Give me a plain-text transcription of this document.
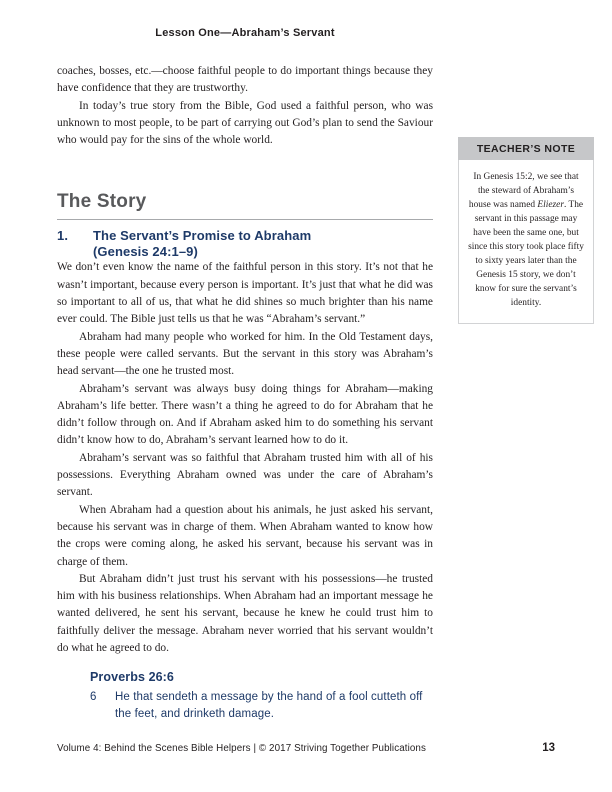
Lesson One—Abraham’s Servant

coaches, bosses, etc.—choose faithful people to do important things because they have confidence that they are trustworthy.

In today’s true story from the Bible, God used a faithful person, who was unknown to most people, to be part of carrying out God’s plan to send the Saviour who would pay for the sins of the whole world.

The Story
1.	The Servant’s Promise to Abraham
(Genesis 24:1–9)

We don’t even know the name of the faithful person in this story. It’s not that he wasn’t important, because every person is important. It’s just that what he did was so important to all of us, that what he did shines so much brighter than his name ever could. The Bible just tells us that he was “Abraham’s servant.”

Abraham had many people who worked for him. In the Old Testament days, these people were called servants. But the servant in this story was Abraham’s head servant—the one he trusted most.

Abraham’s servant was always busy doing things for Abraham—making Abraham’s life better. There wasn’t a thing he agreed to do for Abraham that he didn’t follow through on. And if Abraham asked him to do something his servant didn’t know how to do, Abraham’s servant learned how to do it.

Abraham’s servant was so faithful that Abraham trusted him with all of his possessions. Everything Abraham owned was under the care of Abraham’s servant.

When Abraham had a question about his animals, he just asked his servant, because his servant was in charge of them. When Abraham wanted to know how the crops were coming along, he asked his servant, because his servant was in charge of them.

But Abraham didn’t just trust his servant with his possessions—he trusted him with his business relationships. When Abraham had an important message he wanted delivered, he sent his servant, because he knew he could trust him to faithfully deliver the message. Abraham never worried that his servant wouldn’t do what he agreed to do.

Proverbs 26:6
6	He that sendeth a message by the hand of a fool cutteth off the feet, and drinketh damage.
TEACHER’S NOTE
In Genesis 15:2, we see that the steward of Abraham’s house was named Eliezer. The servant in this passage may have been the same one, but since this story took place fifty to sixty years later than the Genesis 15 story, we don’t know for sure the servant’s identity.
Volume 4: Behind the Scenes Bible Helpers | © 2017 Striving Together Publications	13
